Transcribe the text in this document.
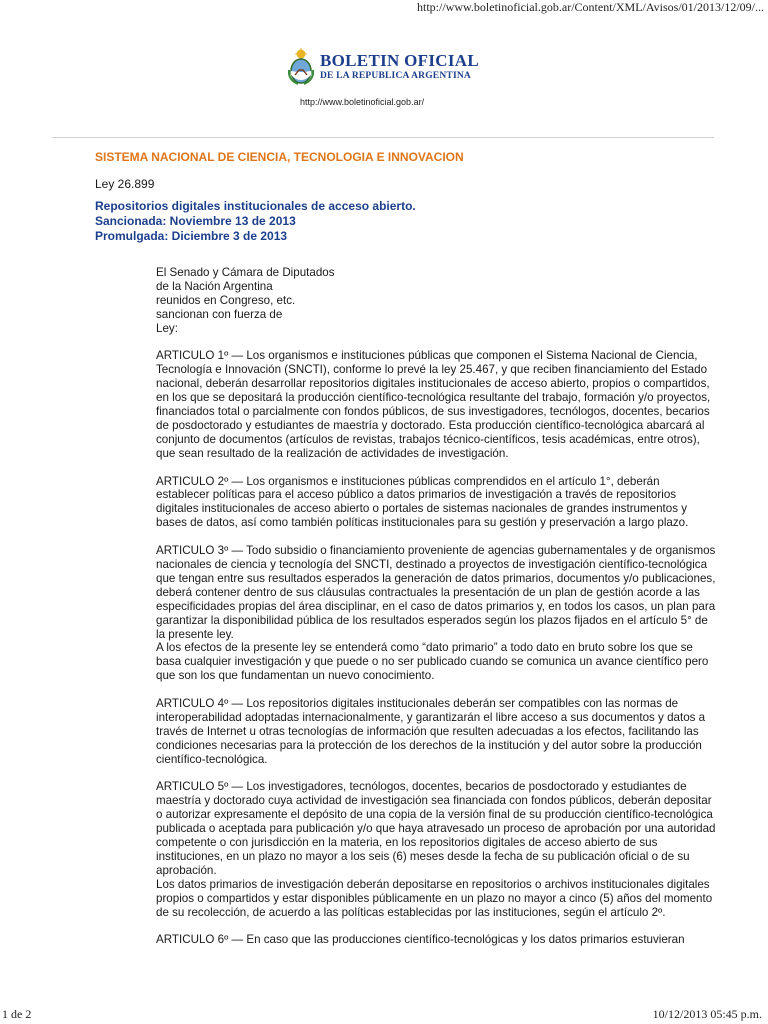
http://www.boletinoficial.gob.ar/Content/XML/Avisos/01/2013/12/09/...
BOLETIN OFICIAL
DE LA REPUBLICA ARGENTINA
http://www.boletinoficial.gob.ar/
SISTEMA NACIONAL DE CIENCIA, TECNOLOGIA E INNOVACION
Ley 26.899
Repositorios digitales institucionales de acceso abierto.
Sancionada: Noviembre 13 de 2013
Promulgada: Diciembre 3 de 2013
El Senado y Cámara de Diputados
de la Nación Argentina
reunidos en Congreso, etc.
sancionan con fuerza de
Ley:

ARTICULO 1º — Los organismos e instituciones públicas que componen el Sistema Nacional de Ciencia, Tecnología e Innovación (SNCTI), conforme lo prevé la ley 25.467, y que reciben financiamiento del Estado nacional, deberán desarrollar repositorios digitales institucionales de acceso abierto, propios o compartidos, en los que se depositará la producción científico-tecnológica resultante del trabajo, formación y/o proyectos, financiados total o parcialmente con fondos públicos, de sus investigadores, tecnólogos, docentes, becarios de posdoctorado y estudiantes de maestría y doctorado. Esta producción científico-tecnológica abarcará al conjunto de documentos (artículos de revistas, trabajos técnico-científicos, tesis académicas, entre otros), que sean resultado de la realización de actividades de investigación.

ARTICULO 2º — Los organismos e instituciones públicas comprendidos en el artículo 1°, deberán establecer políticas para el acceso público a datos primarios de investigación a través de repositorios digitales institucionales de acceso abierto o portales de sistemas nacionales de grandes instrumentos y bases de datos, así como también políticas institucionales para su gestión y preservación a largo plazo.

ARTICULO 3º — Todo subsidio o financiamiento proveniente de agencias gubernamentales y de organismos nacionales de ciencia y tecnología del SNCTI, destinado a proyectos de investigación científico-tecnológica que tengan entre sus resultados esperados la generación de datos primarios, documentos y/o publicaciones, deberá contener dentro de sus cláusulas contractuales la presentación de un plan de gestión acorde a las especificidades propias del área disciplinar, en el caso de datos primarios y, en todos los casos, un plan para garantizar la disponibilidad pública de los resultados esperados según los plazos fijados en el artículo 5° de la presente ley.

A los efectos de la presente ley se entenderá como “dato primario” a todo dato en bruto sobre los que se basa cualquier investigación y que puede o no ser publicado cuando se comunica un avance científico pero que son los que fundamentan un nuevo conocimiento.

ARTICULO 4º — Los repositorios digitales institucionales deberán ser compatibles con las normas de interoperabilidad adoptadas internacionalmente, y garantizarán el libre acceso a sus documentos y datos a través de Internet u otras tecnologías de información que resulten adecuadas a los efectos, facilitando las condiciones necesarias para la protección de los derechos de la institución y del autor sobre la producción científico-tecnológica.

ARTICULO 5º — Los investigadores, tecnólogos, docentes, becarios de posdoctorado y estudiantes de maestría y doctorado cuya actividad de investigación sea financiada con fondos públicos, deberán depositar o autorizar expresamente el depósito de una copia de la versión final de su producción científico-tecnológica publicada o aceptada para publicación y/o que haya atravesado un proceso de aprobación por una autoridad competente o con jurisdicción en la materia, en los repositorios digitales de acceso abierto de sus instituciones, en un plazo no mayor a los seis (6) meses desde la fecha de su publicación oficial o de su aprobación.

Los datos primarios de investigación deberán depositarse en repositorios o archivos institucionales digitales propios o compartidos y estar disponibles públicamente en un plazo no mayor a cinco (5) años del momento de su recolección, de acuerdo a las políticas establecidas por las instituciones, según el artículo 2º.

ARTICULO 6º — En caso que las producciones científico-tecnológicas y los datos primarios estuvieran

1 de 2	10/12/2013 05:45 p.m.
